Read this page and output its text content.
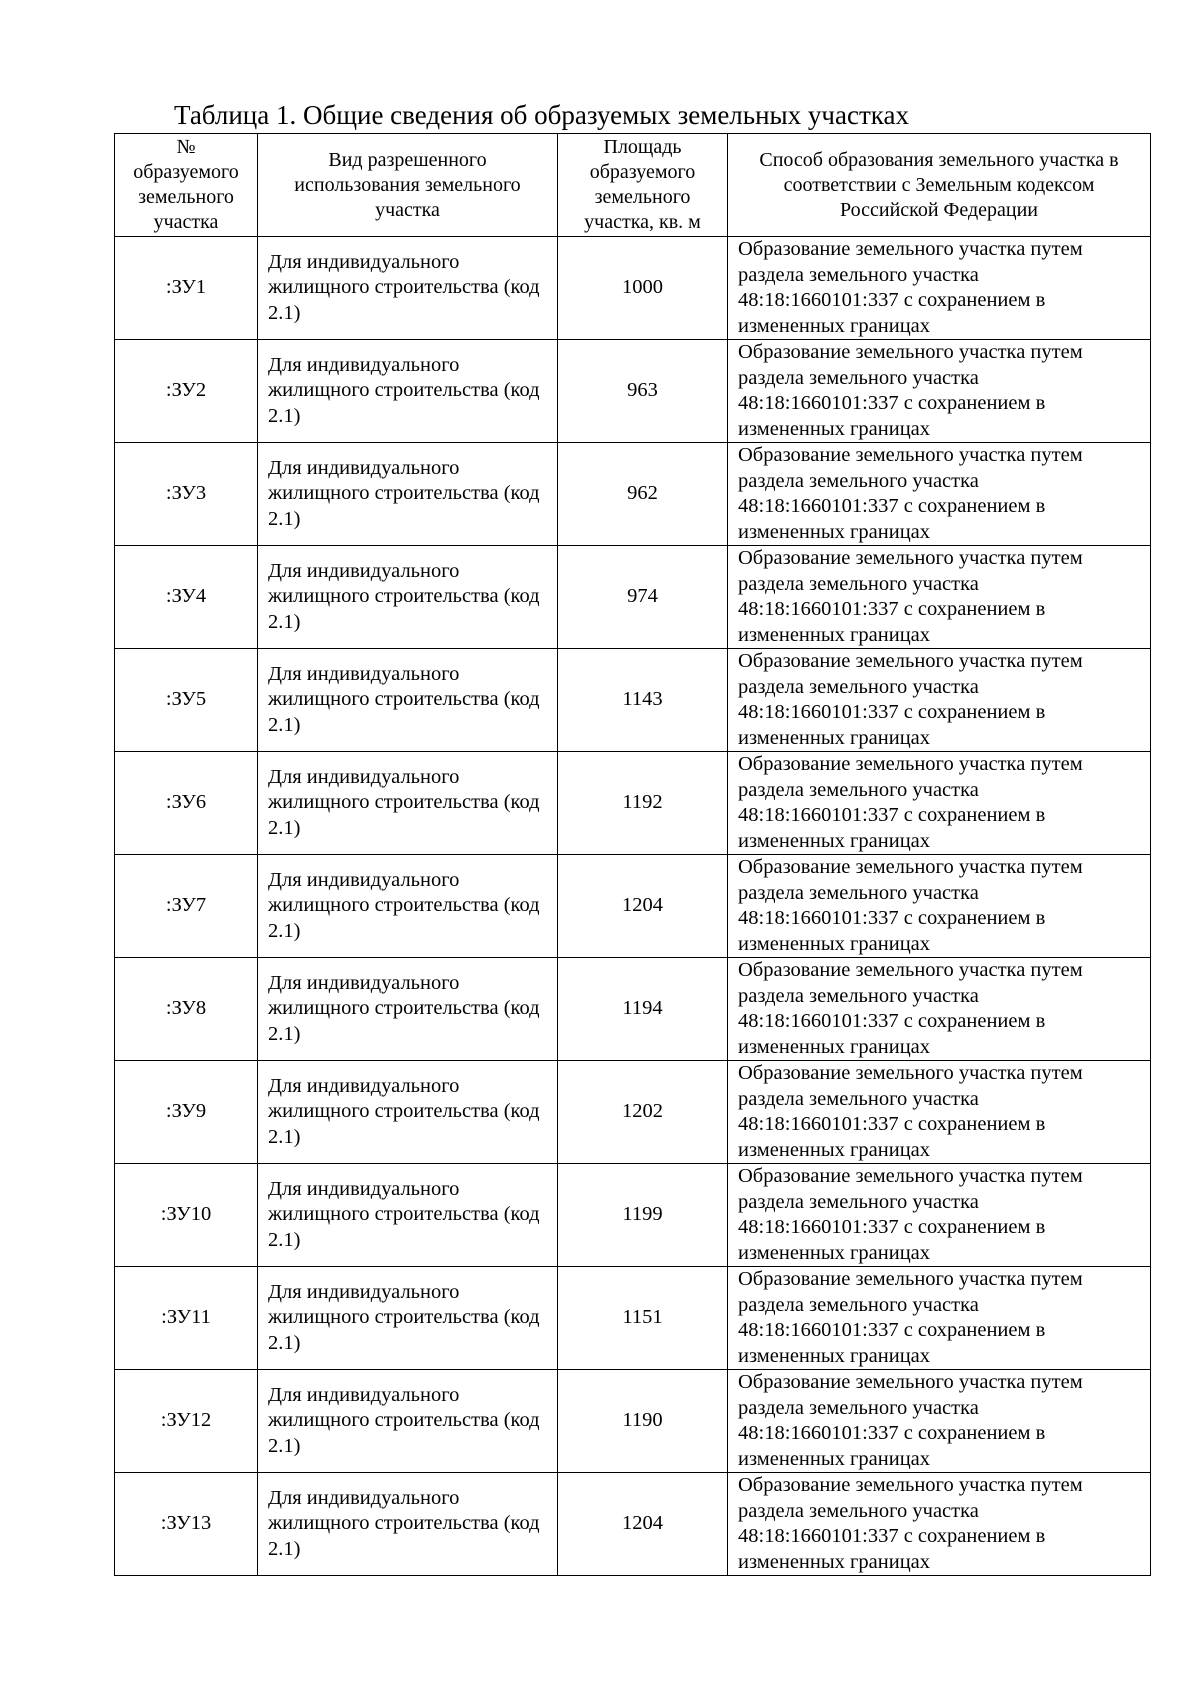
Таблица 1. Общие сведения об образуемых земельных участках
№ образуемого земельного участка	Вид разрешенного использования земельного участка	Площадь образуемого земельного участка, кв. м	Способ образования земельного участка в соответствии с Земельным кодексом Российской Федерации
:ЗУ1	Для индивидуального жилищного строительства (код 2.1)	1000	Образование земельного участка путем раздела земельного участка 48:18:1660101:337 с сохранением в измененных границах
:ЗУ2	Для индивидуального жилищного строительства (код 2.1)	963	Образование земельного участка путем раздела земельного участка 48:18:1660101:337 с сохранением в измененных границах
:ЗУ3	Для индивидуального жилищного строительства (код 2.1)	962	Образование земельного участка путем раздела земельного участка 48:18:1660101:337 с сохранением в измененных границах
:ЗУ4	Для индивидуального жилищного строительства (код 2.1)	974	Образование земельного участка путем раздела земельного участка 48:18:1660101:337 с сохранением в измененных границах
:ЗУ5	Для индивидуального жилищного строительства (код 2.1)	1143	Образование земельного участка путем раздела земельного участка 48:18:1660101:337 с сохранением в измененных границах
:ЗУ6	Для индивидуального жилищного строительства (код 2.1)	1192	Образование земельного участка путем раздела земельного участка 48:18:1660101:337 с сохранением в измененных границах
:ЗУ7	Для индивидуального жилищного строительства (код 2.1)	1204	Образование земельного участка путем раздела земельного участка 48:18:1660101:337 с сохранением в измененных границах
:ЗУ8	Для индивидуального жилищного строительства (код 2.1)	1194	Образование земельного участка путем раздела земельного участка 48:18:1660101:337 с сохранением в измененных границах
:ЗУ9	Для индивидуального жилищного строительства (код 2.1)	1202	Образование земельного участка путем раздела земельного участка 48:18:1660101:337 с сохранением в измененных границах
:ЗУ10	Для индивидуального жилищного строительства (код 2.1)	1199	Образование земельного участка путем раздела земельного участка 48:18:1660101:337 с сохранением в измененных границах
:ЗУ11	Для индивидуального жилищного строительства (код 2.1)	1151	Образование земельного участка путем раздела земельного участка 48:18:1660101:337 с сохранением в измененных границах
:ЗУ12	Для индивидуального жилищного строительства (код 2.1)	1190	Образование земельного участка путем раздела земельного участка 48:18:1660101:337 с сохранением в измененных границах
:ЗУ13	Для индивидуального жилищного строительства (код 2.1)	1204	Образование земельного участка путем раздела земельного участка 48:18:1660101:337 с сохранением в измененных границах
